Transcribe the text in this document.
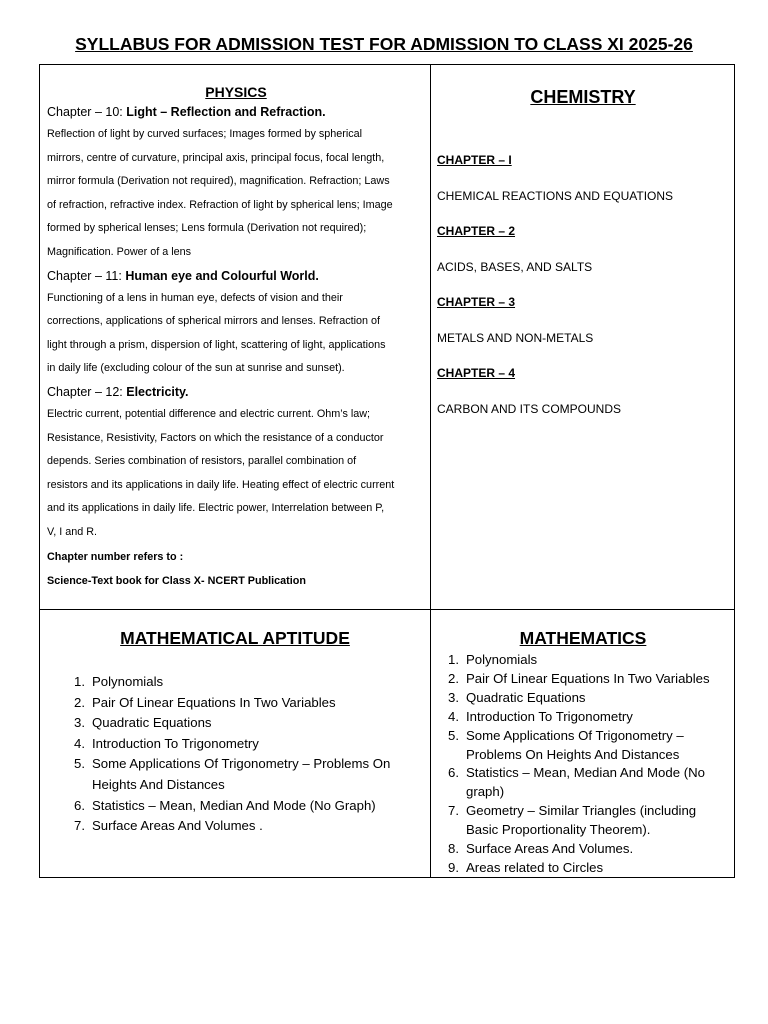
SYLLABUS FOR ADMISSION TEST FOR ADMISSION TO CLASS XI 2025-26
PHYSICS
Chapter – 10: Light – Reflection and Refraction.
Reflection of light by curved surfaces; Images formed by spherical
mirrors, centre of curvature, principal axis, principal focus, focal length,
mirror formula (Derivation not required), magnification. Refraction; Laws
of refraction, refractive index. Refraction of light by spherical lens; Image
formed by spherical lenses; Lens formula (Derivation not required);
Magnification. Power of a lens
Chapter – 11: Human eye and Colourful World.
Functioning of a lens in human eye, defects of vision and their
corrections, applications of spherical mirrors and lenses. Refraction of
light through a prism, dispersion of light, scattering of light, applications
in daily life (excluding colour of the sun at sunrise and sunset).
Chapter – 12: Electricity.
Electric current, potential difference and electric current. Ohm’s law;
Resistance, Resistivity, Factors on which the resistance of a conductor
depends. Series combination of resistors, parallel combination of
resistors and its applications in daily life. Heating effect of electric current
and its applications in daily life. Electric power, Interrelation between P,
V, I and R.
Chapter number refers to :
Science-Text book for Class X- NCERT Publication
CHEMISTRY
CHAPTER – I
CHEMICAL REACTIONS AND EQUATIONS
CHAPTER – 2
ACIDS, BASES, AND SALTS
CHAPTER – 3
METALS AND NON-METALS
CHAPTER – 4
CARBON AND ITS COMPOUNDS
MATHEMATICAL APTITUDE
1. Polynomials
2. Pair Of Linear Equations In Two Variables
3. Quadratic Equations
4. Introduction To Trigonometry
5. Some Applications Of Trigonometry – Problems On
Heights And Distances
6. Statistics – Mean, Median And Mode (No Graph)
7. Surface Areas And Volumes .
MATHEMATICS
1. Polynomials
2. Pair Of Linear Equations In Two Variables
3. Quadratic Equations
4. Introduction To Trigonometry
5. Some Applications Of Trigonometry –
Problems On Heights And Distances
6. Statistics – Mean, Median And Mode (No
graph)
7. Geometry – Similar Triangles (including
Basic Proportionality Theorem).
8. Surface Areas And Volumes.
9. Areas related to Circles
